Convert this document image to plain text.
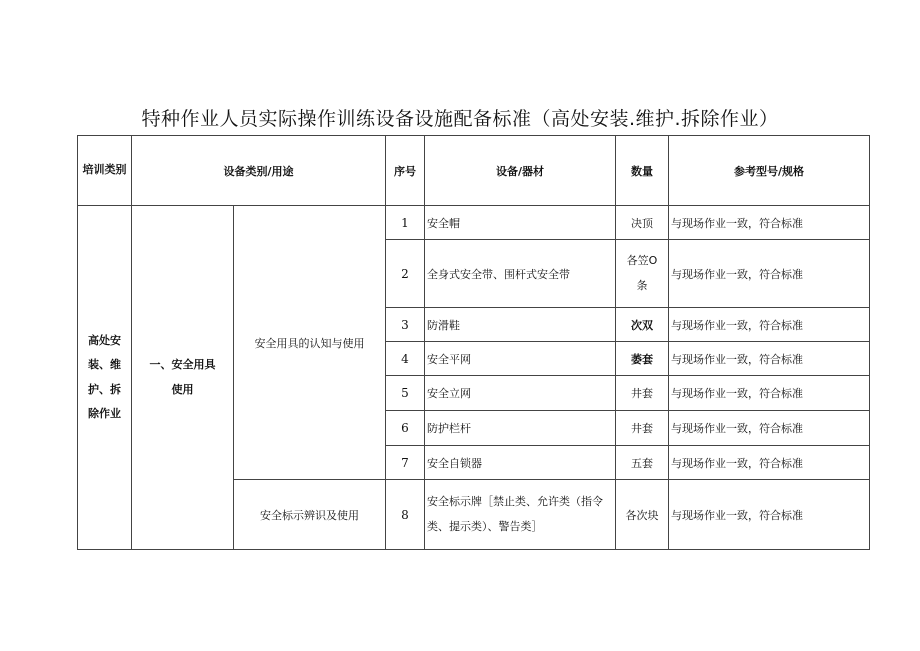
特种作业人员实际操作训练设备设施配备标准（高处安装.维护.拆除作业）
培训类别	设备类别/用途		序号	设备/器材	数量	参考型号/规格
高处安装、维护、拆除作业	一、安全用具使用	安全用具的认知与使用	1	安全帽	决顶	与现场作业一致，符合标准
			2	全身式安全带、围杆式安全带	各笠O条	与现场作业一致，符合标准
			3	防滑鞋	次双	与现场作业一致，符合标准
			4	安全平网	萎套	与现场作业一致，符合标准
			5	安全立网	井套	与现场作业一致，符合标准
			6	防护栏杆	井套	与现场作业一致，符合标准
			7	安全自锁器	五套	与现场作业一致，符合标准
		安全标示辨识及使用	8	安全标示牌［禁止类、允许类（指令类、提示类）、警告类］	各次块	与现场作业一致，符合标准
